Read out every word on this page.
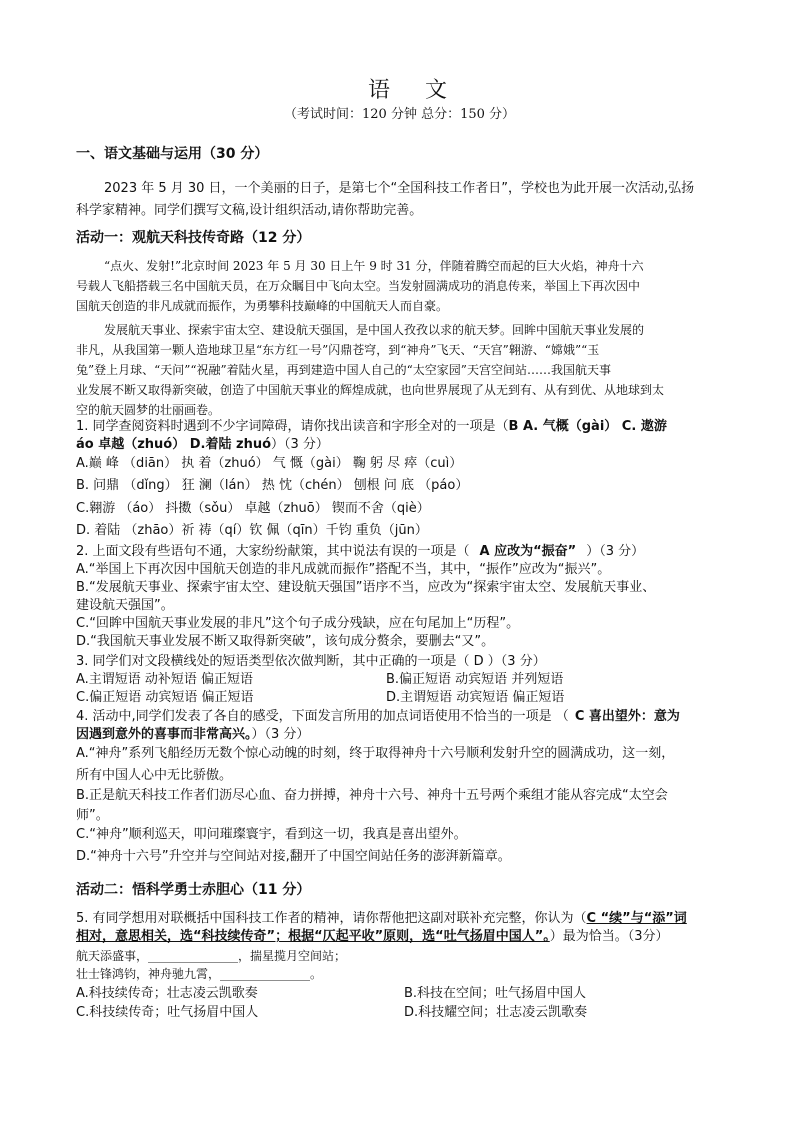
语 文
（考试时间：120 分钟 总分：150 分）
一、语文基础与运用（30 分）
2023 年 5 月 30 日，一个美丽的日子，是第七个“全国科技工作者日”，学校也为此开展一次活动,弘扬
科学家精神。同学们撰写文稿,设计组织活动,请你帮助完善。
活动一：观航天科技传奇路（12 分）
“点火、发射!”北京时间 2023 年 5 月 30 日上午 9 时 31 分，伴随着腾空而起的巨大火焰，神舟十六
号载人飞船搭载三名中国航天员，在万众瞩目中飞向太空。当发射圆满成功的消息传来，举国上下再次因中
国航天创造的非凡成就而振作，为勇攀科技巅峰的中国航天人而自豪。
发展航天事业、探索宇宙太空、建设航天强国，是中国人孜孜以求的航天梦。回眸中国航天事业发展的
非凡，从我国第一颗人造地球卫星“东方红一号”闪鼎苍穹，到“神舟”飞天、“天宫”翱游、“嫦娥”“玉
兔”登上月球、“天问”“祝融”着陆火星，再到建造中国人自己的“太空家园”天宫空间站……我国航天事
业发展不断又取得新突破，创造了中国航天事业的辉煌成就，也向世界展现了从无到有、从有到优、从地球到太
空的航天圆梦的壮丽画卷。
1. 同学查阅资料时遇到不少字词障碍，请你找出读音和字形全对的一项是（B A. 气概（gài） C. 遨游
áo 卓越（zhuó） D.着陆 zhuó）（3 分）
A.巅 峰 （diān） 执 着（zhuó） 气 慨（gài） 鞠 躬 尽 瘁（cuì）
B. 问鼎 （dǐng） 狂 澜（lán） 热 忱（chén） 刨根 问 底 （páo）
C.翱游 （áo） 抖擞（sǒu） 卓越（zhuō） 锲而不舍（qiè）
D. 着陆 （zhāo）祈 祷（qí）钦 佩（qīn）千钧 重负（jūn）
2. 上面文段有些语句不通，大家纷纷献策，其中说法有误的一项是（ A 应改为“振奋” ）（3 分）
A.“举国上下再次因中国航天创造的非凡成就而振作”搭配不当，其中，“振作”应改为“振兴”。
B.“发展航天事业、探索宇宙太空、建设航天强国”语序不当，应改为“探索宇宙太空、发展航天事业、
建设航天强国”。
C.“回眸中国航天事业发展的非凡”这个句子成分残缺，应在句尾加上“历程”。
D.“我国航天事业发展不断又取得新突破”，该句成分赘余，要删去“又”。
3. 同学们对文段横线处的短语类型依次做判断，其中正确的一项是（ D ）（3 分）
A.主谓短语 动补短语 偏正短语	B.偏正短语 动宾短语 并列短语
C.偏正短语 动宾短语 偏正短语	D.主谓短语 动宾短语 偏正短语
4. 活动中,同学们发表了各自的感受，下面发言所用的加点词语使用不恰当的一项是 （ C 喜出望外：意为
因遇到意外的喜事而非常高兴。）（3 分）
A.“神舟”系列飞船经历无数个惊心动魄的时刻，终于取得神舟十六号顺利发射升空的圆满成功，这一刻，
所有中国人心中无比骄傲。
B.正是航天科技工作者们沥尽心血、奋力拼搏，神舟十六号、神舟十五号两个乘组才能从容完成“太空会
师”。
C.“神舟”顺利巡天，叩问璀璨寰宇，看到这一切，我真是喜出望外。
D.“神舟十六号”升空并与空间站对接,翻开了中国空间站任务的澎湃新篇章。
活动二：悟科学勇士赤胆心（11 分）
5. 有同学想用对联概括中国科技工作者的精神，请你帮他把这副对联补充完整，你认为（C “续”与“添”词
相对，意思相关，选“科技续传奇”；根据“仄起平收”原则，选“吐气扬眉中国人”。）最为恰当。（3分）
航天添盛事，_______________，揣星揽月空间站；
壮士锋鸿钧，神舟驰九霄，_______________。
A.科技续传奇；壮志凌云凯歌奏	B.科技在空间；吐气扬眉中国人
C.科技续传奇；吐气扬眉中国人	D.科技耀空间；壮志凌云凯歌奏
